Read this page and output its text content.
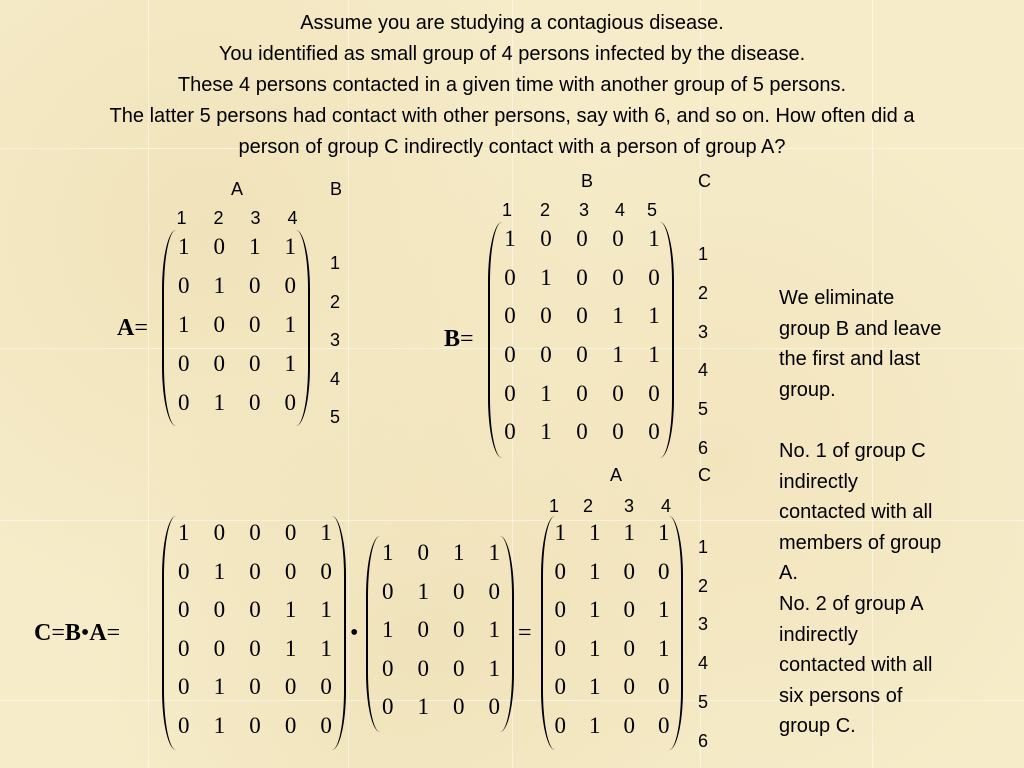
Assume you are studying a contagious disease.
You identified as small group of 4 persons infected by the disease.
These 4 persons contacted in a given time with another group of 5 persons.
The latter 5 persons had contact with other persons, say with 6, and so on. How often did a
person of group C indirectly contact with a person of group A?
A	B
1	2	3	4
A=
1	0	1	1
0	1	0	0
1	0	0	1
0	0	0	1
0	1	0	0
1
2
3
4
5
B	C
1	2	3	4	5
B=
1	0	0	0	1
0	1	0	0	0
0	0	0	1	1
0	0	0	1	1
0	1	0	0	0
0	1	0	0	0
1
2
3
4
5
6
C=B•A=
1	0	0	0	1
0	1	0	0	0
0	0	0	1	1
0	0	0	1	1
0	1	0	0	0
0	1	0	0	0
•
1	0	1	1
0	1	0	0
1	0	0	1
0	0	0	1
0	1	0	0
=
A	C
1	2	3	4
1	1	1	1
0	1	0	0
0	1	0	1
0	1	0	1
0	1	0	0
0	1	0	0
1
2
3
4
5
6
We eliminate
group B and leave
the first and last
group.
No. 1 of group C
indirectly
contacted with all
members of group
A.
No. 2 of group A
indirectly
contacted with all
six persons of
group C.
